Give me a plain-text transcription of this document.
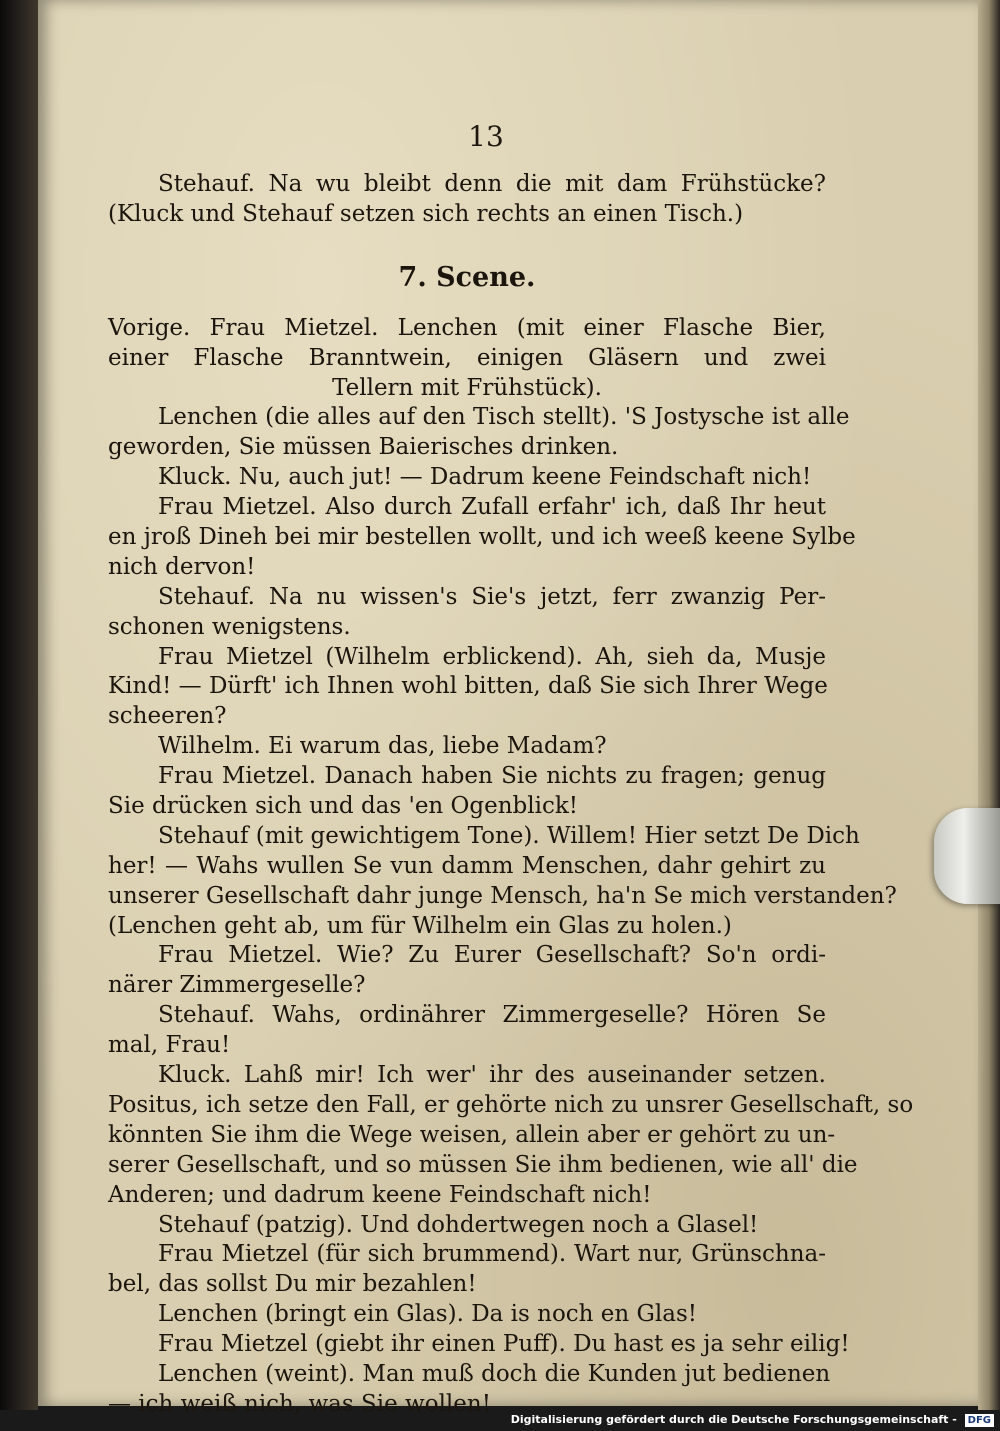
13
Stehauf. Na wu bleibt denn die mit dam Frühstücke?
(Kluck und Stehauf setzen sich rechts an einen Tisch.)
7. Scene.
Vorige. Frau Mietzel. Lenchen (mit einer Flasche Bier,
einer Flasche Branntwein, einigen Gläsern und zwei
Tellern mit Frühstück).
Lenchen (die alles auf den Tisch stellt). 'S Jostysche ist alle
geworden, Sie müssen Baierisches drinken.
Kluck. Nu, auch jut! — Dadrum keene Feindschaft nich!
Frau Mietzel. Also durch Zufall erfahr' ich, daß Ihr heut
en jroß Dineh bei mir bestellen wollt, und ich weeß keene Sylbe
nich dervon!
Stehauf. Na nu wissen's Sie's jetzt, ferr zwanzig Per-
schonen wenigstens.
Frau Mietzel (Wilhelm erblickend). Ah, sieh da, Musje
Kind! — Dürft' ich Ihnen wohl bitten, daß Sie sich Ihrer Wege
scheeren?
Wilhelm. Ei warum das, liebe Madam?
Frau Mietzel. Danach haben Sie nichts zu fragen; genug
Sie drücken sich und das 'en Ogenblick!
Stehauf (mit gewichtigem Tone). Willem! Hier setzt De Dich
her! — Wahs wullen Se vun damm Menschen, dahr gehirt zu
unserer Gesellschaft dahr junge Mensch, ha'n Se mich verstanden?
(Lenchen geht ab, um für Wilhelm ein Glas zu holen.)
Frau Mietzel. Wie? Zu Eurer Gesellschaft? So'n ordi-
närer Zimmergeselle?
Stehauf. Wahs, ordinährer Zimmergeselle? Hören Se
mal, Frau!
Kluck. Lahß mir! Ich wer' ihr des auseinander setzen.
Positus, ich setze den Fall, er gehörte nich zu unsrer Gesellschaft, so
könnten Sie ihm die Wege weisen, allein aber er gehört zu un-
serer Gesellschaft, und so müssen Sie ihm bedienen, wie all' die
Anderen; und dadrum keene Feindschaft nich!
Stehauf (patzig). Und dohdertwegen noch a Glasel!
Frau Mietzel (für sich brummend). Wart nur, Grünschna-
bel, das sollst Du mir bezahlen!
Lenchen (bringt ein Glas). Da is noch en Glas!
Frau Mietzel (giebt ihr einen Puff). Du hast es ja sehr eilig!
Lenchen (weint). Man muß doch die Kunden jut bedienen
— ich weiß nich, was Sie wollen!
Digitalisierung gefördert durch die Deutsche Forschungsgemeinschaft - DFG
